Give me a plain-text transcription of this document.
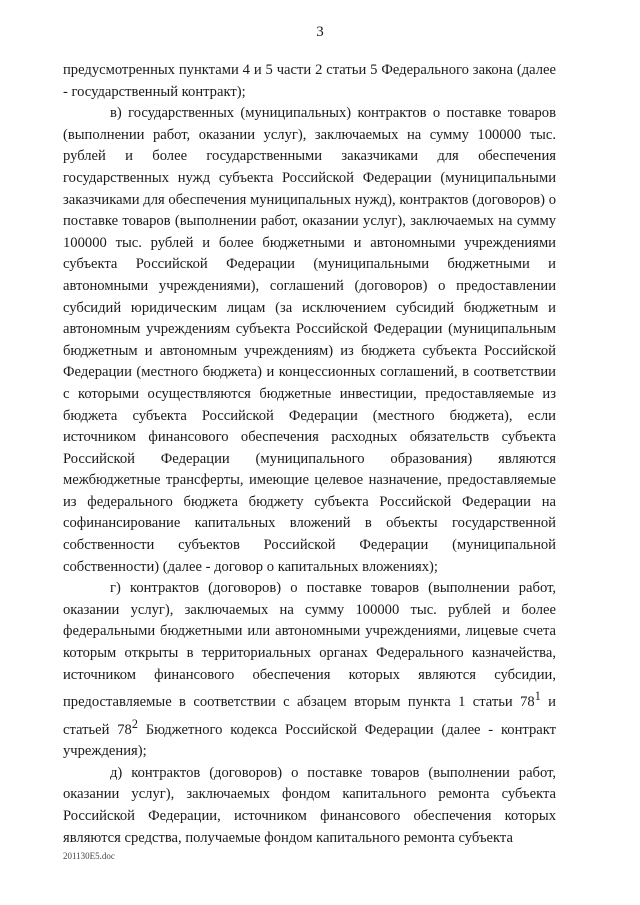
3

предусмотренных пунктами 4 и 5 части 2 статьи 5 Федерального закона (далее - государственный контракт);

в) государственных (муниципальных) контрактов о поставке товаров (выполнении работ, оказании услуг), заключаемых на сумму 100000 тыс. рублей и более государственными заказчиками для обеспечения государственных нужд субъекта Российской Федерации (муниципальными заказчиками для обеспечения муниципальных нужд), контрактов (договоров) о поставке товаров (выполнении работ, оказании услуг), заключаемых на сумму 100000 тыс. рублей и более бюджетными и автономными учреждениями субъекта Российской Федерации (муниципальными бюджетными и автономными учреждениями), соглашений (договоров) о предоставлении субсидий юридическим лицам (за исключением субсидий бюджетным и автономным учреждениям субъекта Российской Федерации (муниципальным бюджетным и автономным учреждениям) из бюджета субъекта Российской Федерации (местного бюджета) и концессионных соглашений, в соответствии с которыми осуществляются бюджетные инвестиции, предоставляемые из бюджета субъекта Российской Федерации (местного бюджета), если источником финансового обеспечения расходных обязательств субъекта Российской Федерации (муниципального образования) являются межбюджетные трансферты, имеющие целевое назначение, предоставляемые из федерального бюджета бюджету субъекта Российской Федерации на софинансирование капитальных вложений в объекты государственной собственности субъектов Российской Федерации (муниципальной собственности) (далее - договор о капитальных вложениях);

г) контрактов (договоров) о поставке товаров (выполнении работ, оказании услуг), заключаемых на сумму 100000 тыс. рублей и более федеральными бюджетными или автономными учреждениями, лицевые счета которым открыты в территориальных органах Федерального казначейства, источником финансового обеспечения которых являются субсидии, предоставляемые в соответствии с абзацем вторым пункта 1 статьи $78^1$ и статьей $78^2$ Бюджетного кодекса Российской Федерации (далее - контракт учреждения);

д) контрактов (договоров) о поставке товаров (выполнении работ, оказании услуг), заключаемых фондом капитального ремонта субъекта Российской Федерации, источником финансового обеспечения которых являются средства, получаемые фондом капитального ремонта субъекта

201130E5.doc
